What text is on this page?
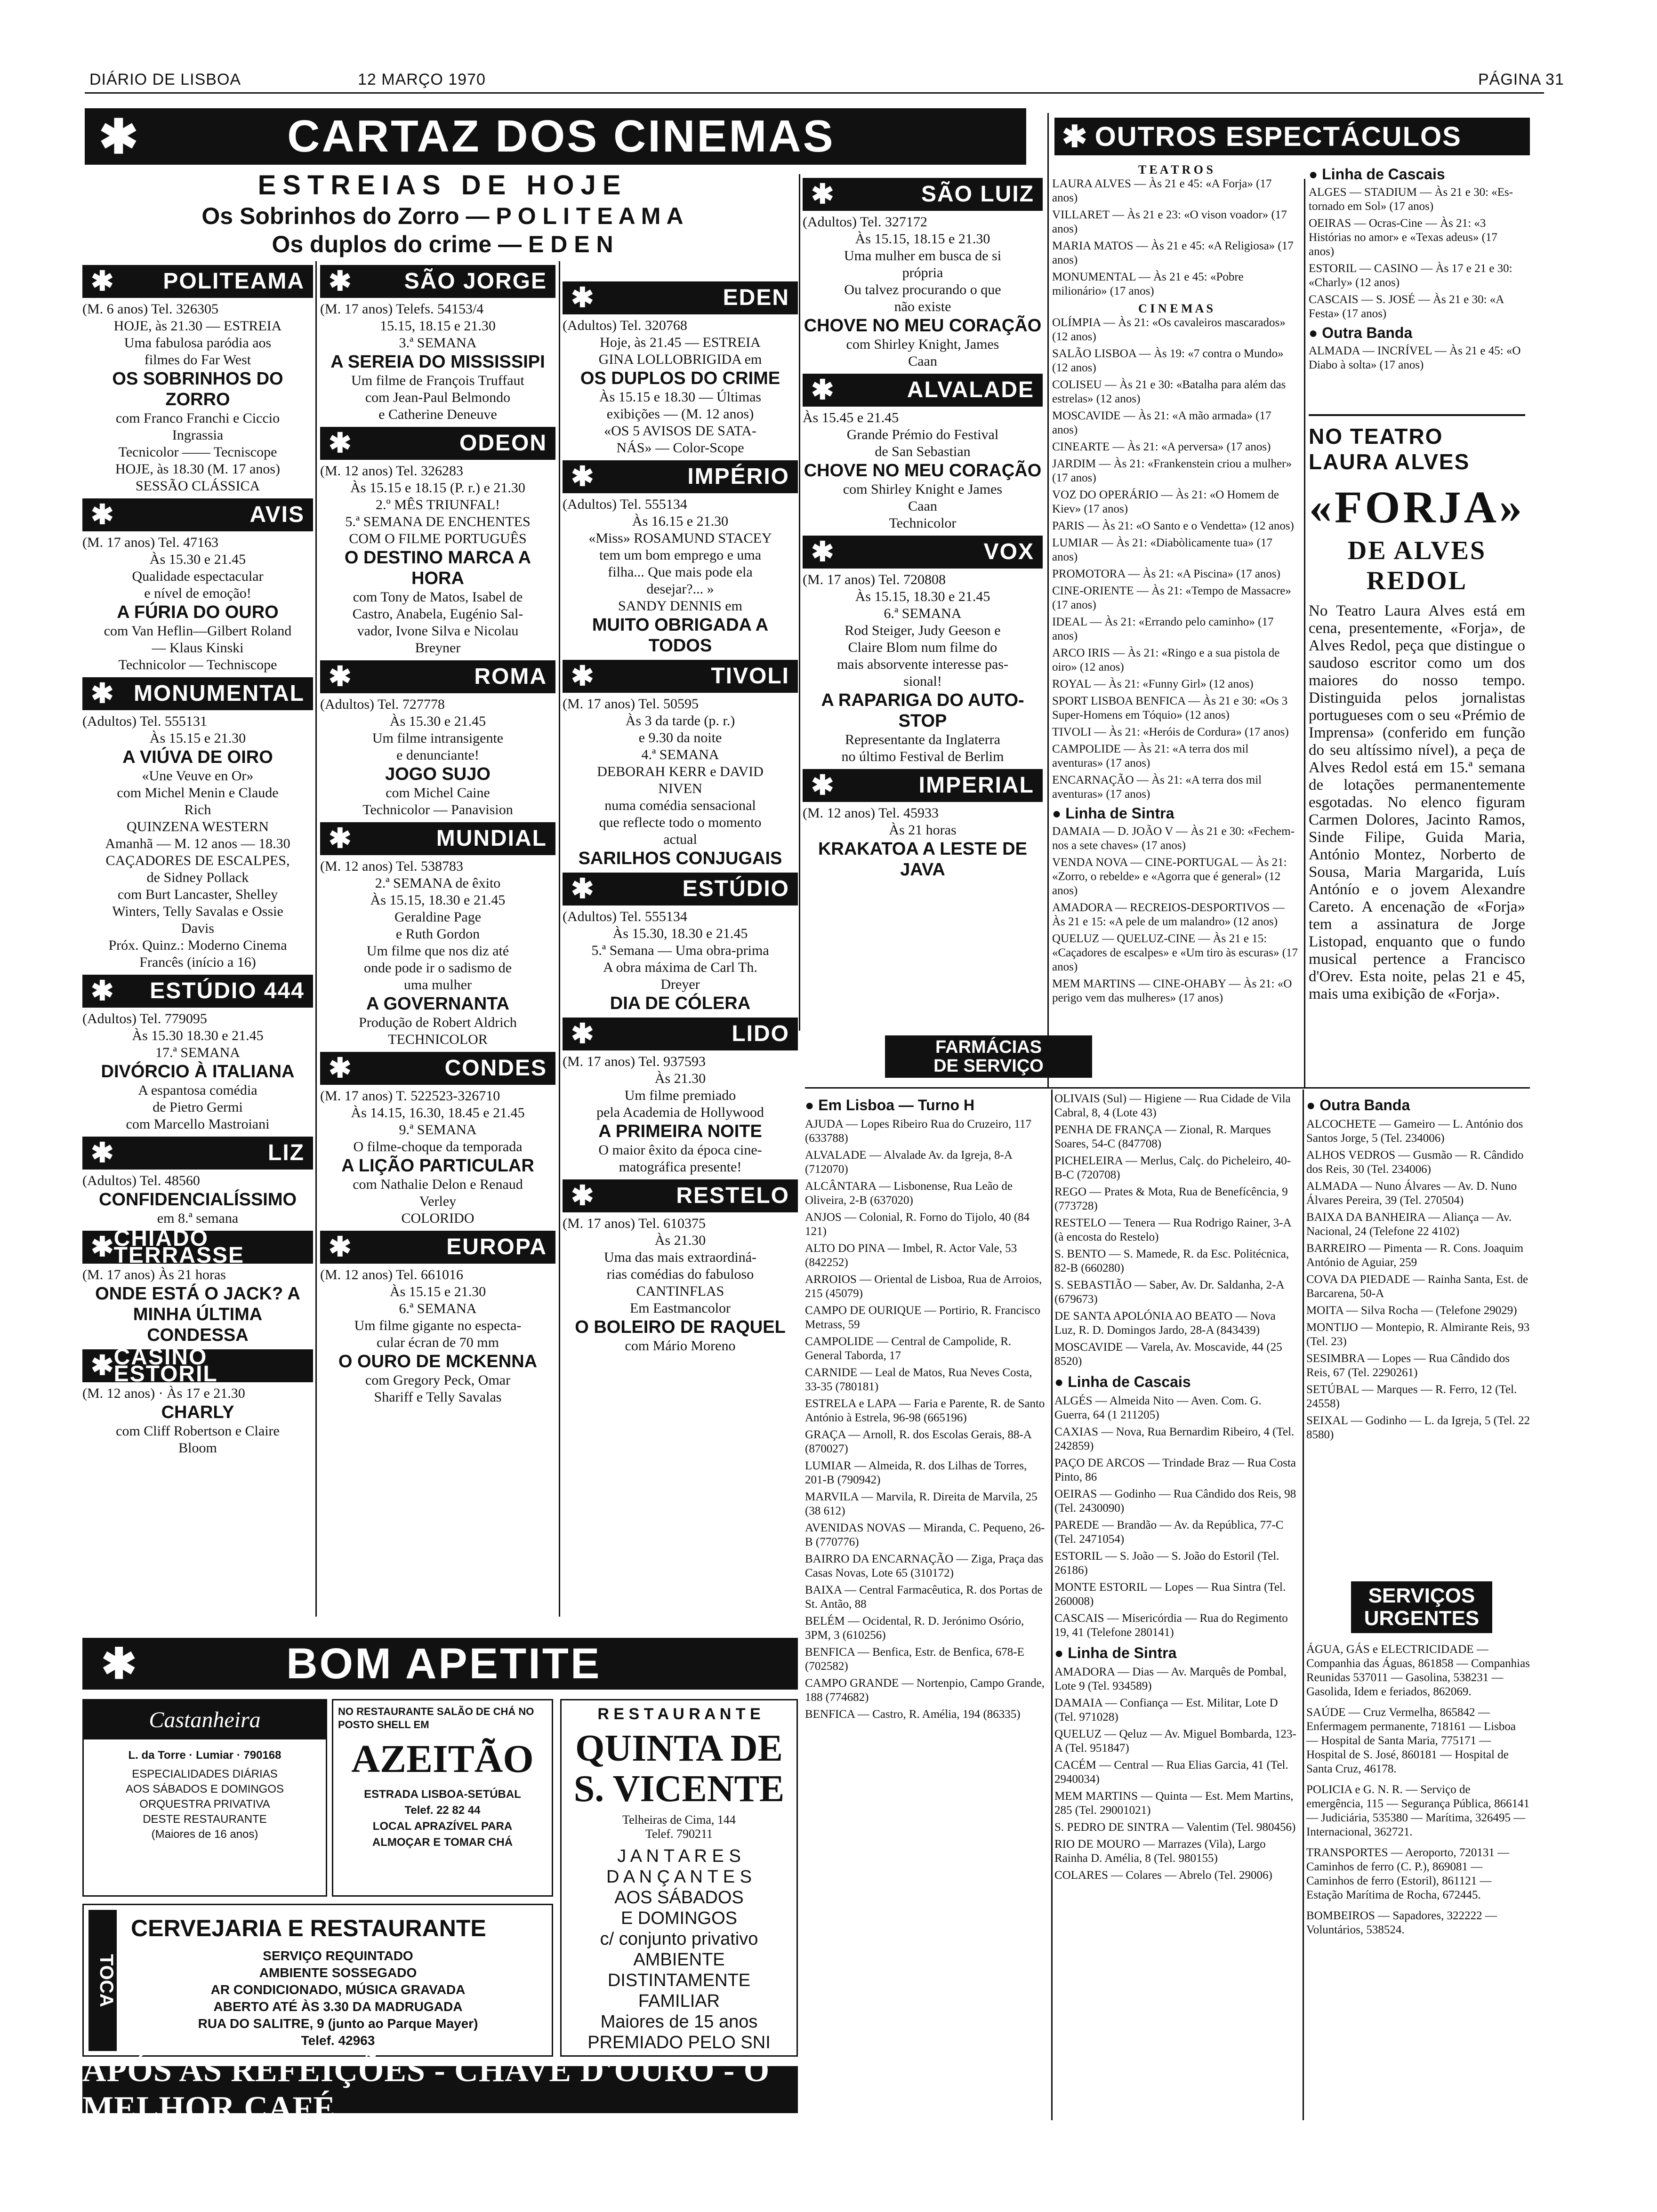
DIÁRIO DE LISBOA	12 MARÇO 1970	PÁGINA 31
✱	CARTAZ DOS CINEMAS
ESTREIAS DE HOJE
Os Sobrinhos do Zorro — P O L I T E A M A
Os duplos do crime — E D E N
✱ POLITEAMA
(M. 6 anos) Tel. 326305
HOJE, às 21.30 — ESTREIA
Uma fabulosa paródia aos
filmes do Far West
OS SOBRINHOS DO ZORRO
com Franco Franchi e Ciccio
Ingrassia
Tecnicolor —— Tecniscope
HOJE, às 18.30 (M. 17 anos)
SESSÃO CLÁSSICA
✱	AVIS
(M. 17 anos) Tel. 47163
Às 15.30 e 21.45
Qualidade espectacular
e nível de emoção!
A FÚRIA DO OURO
com Van Heflin—Gilbert Roland
— Klaus Kinski
Technicolor — Techniscope
✱ MONUMENTAL
(Adultos) Tel. 555131
Às 15.15 e 21.30
A VIÚVA DE OIRO
«Une Veuve en Or»
com Michel Menin e Claude
Rich
QUINZENA WESTERN
Amanhã — M. 12 anos — 18.30
CAÇADORES DE ESCALPES,
de Sidney Pollack
com Burt Lancaster, Shelley
Winters, Telly Savalas e Ossie
Davis
Próx. Quinz.: Moderno Cinema
Francês (início a 16)
✱ ESTÚDIO 444
(Adultos) Tel. 779095
Às 15.30 18.30 e 21.45
17.ª SEMANA
DIVÓRCIO À ITALIANA
A espantosa comédia
de Pietro Germi
com Marcello Mastroiani
✱	LIZ
(Adultos) Tel. 48560
CONFIDENCIALÍSSIMO
em 8.ª semana
✱ CHIADO TERRASSE
(M. 17 anos) Às 21 horas
ONDE ESTÁ O JACK? A MINHA ÚLTIMA CONDESSA
✱ CASINO ESTORIL
(M. 12 anos) · Às 17 e 21.30
CHARLY
com Cliff Robertson e Claire
Bloom
✱ SÃO JORGE
(M. 17 anos) Telefs. 54153/4
15.15, 18.15 e 21.30
3.ª SEMANA
A SEREIA DO MISSISSIPI
Um filme de François Truffaut
com Jean-Paul Belmondo
e Catherine Deneuve
✱	ODEON
(M. 12 anos) Tel. 326283
Às 15.15 e 18.15 (P. r.) e 21.30
2.º MÊS TRIUNFAL!
5.ª SEMANA DE ENCHENTES
COM O FILME PORTUGUÊS
O DESTINO MARCA A HORA
com Tony de Matos, Isabel de
Castro, Anabela, Eugénio Sal-
vador, Ivone Silva e Nicolau
Breyner
✱	ROMA
(Adultos) Tel. 727778
Às 15.30 e 21.45
Um filme intransigente
e denunciante!
JOGO SUJO
com Michel Caine
Technicolor — Panavision
✱	MUNDIAL
(M. 12 anos) Tel. 538783
2.ª SEMANA de êxito
Às 15.15, 18.30 e 21.45
Geraldine Page
e Ruth Gordon
Um filme que nos diz até
onde pode ir o sadismo de
uma mulher
A GOVERNANTA
Produção de Robert Aldrich
TECHNICOLOR
✱	CONDES
(M. 17 anos) T. 522523-326710
Às 14.15, 16.30, 18.45 e 21.45
9.ª SEMANA
O filme-choque da temporada
A LIÇÃO PARTICULAR
com Nathalie Delon e Renaud
Verley
COLORIDO
✱	EUROPA
(M. 12 anos) Tel. 661016
Às 15.15 e 21.30
6.ª SEMANA
Um filme gigante no especta-
cular écran de 70 mm
O OURO DE MCKENNA
com Gregory Peck, Omar
Shariff e Telly Savalas
✱	EDEN
(Adultos) Tel. 320768
Hoje, às 21.45 — ESTREIA
GINA LOLLOBRIGIDA em
OS DUPLOS DO CRIME
Às 15.15 e 18.30 — Últimas
exibições — (M. 12 anos)
«OS 5 AVISOS DE SATA-
NÁS» — Color-Scope
✱	IMPÉRIO
(Adultos) Tel. 555134
Às 16.15 e 21.30
«Miss» ROSAMUND STACEY
tem um bom emprego e uma
filha... Que mais pode ela
desejar?... »
SANDY DENNIS em
MUITO OBRIGADA A TODOS
✱	TIVOLI
(M. 17 anos) Tel. 50595
Às 3 da tarde (p. r.)
e 9.30 da noite
4.ª SEMANA
DEBORAH KERR e DAVID
NIVEN
numa comédia sensacional
que reflecte todo o momento
actual
SARILHOS CONJUGAIS
✱	ESTÚDIO
(Adultos) Tel. 555134
Às 15.30, 18.30 e 21.45
5.ª Semana — Uma obra-prima
A obra máxima de Carl Th.
Dreyer
DIA DE CÓLERA
✱	LIDO
(M. 17 anos) Tel. 937593
Às 21.30
Um filme premiado
pela Academia de Hollywood
A PRIMEIRA NOITE
O maior êxito da época cine-
matográfica presente!
✱	RESTELO
(M. 17 anos) Tel. 610375
Às 21.30
Uma das mais extraordiná-
rias comédias do fabuloso
CANTINFLAS
Em Eastmancolor
O BOLEIRO DE RAQUEL
com Mário Moreno
✱	SÃO LUIZ
(Adultos) Tel. 327172
Às 15.15, 18.15 e 21.30
Uma mulher em busca de si
própria
Ou talvez procurando o que
não existe
CHOVE NO MEU CORAÇÃO
com Shirley Knight, James
Caan
✱	ALVALADE
Às 15.45 e 21.45
Grande Prémio do Festival
de San Sebastian
CHOVE NO MEU CORAÇÃO
com Shirley Knight e James
Caan
Technicolor
✱	VOX
(M. 17 anos) Tel. 720808
Às 15.15, 18.30 e 21.45
6.ª SEMANA
Rod Steiger, Judy Geeson e
Claire Blom num filme do
mais absorvente interesse pas-
sional!
A RAPARIGA DO AUTO-STOP
Representante da Inglaterra
no último Festival de Berlim
✱	IMPERIAL
(M. 12 anos) Tel. 45933
Às 21 horas
KRAKATOA A LESTE DE JAVA
✱ OUTROS ESPECTÁCULOS
T E A T R O S
LAURA ALVES — Às 21 e 45: «A Forja» (17 anos)
VILLARET — Às 21 e 23: «O vison voador» (17 anos)
MARIA MATOS — Às 21 e 45: «A Religiosa» (17 anos)
MONUMENTAL — Às 21 e 45: «Pobre milionário» (17 anos)
C I N E M A S
OLÍMPIA — Às 21: «Os cavaleiros mascarados» (12 anos)
SALÃO LISBOA — Às 19: «7 contra o Mundo» (12 anos)
COLISEU — Às 21 e 30: «Batalha para além das estrelas» (12 anos)
MOSCAVIDE — Às 21: «A mão armada» (17 anos)
CINEARTE — Às 21: «A perversa» (17 anos)
JARDIM — Às 21: «Frankenstein criou a mulher» (17 anos)
VOZ DO OPERÁRIO — Às 21: «O Homem de Kiev» (17 anos)
PARIS — Às 21: «O Santo e o Vendetta» (12 anos)
LUMIAR — Às 21: «Diabòlicamente tua» (17 anos)
PROMOTORA — Às 21: «A Piscina» (17 anos)
CINE-ORIENTE — Às 21: «Tempo de Massacre» (17 anos)
IDEAL — Às 21: «Errando pelo caminho» (17 anos)
ARCO IRIS — Às 21: «Ringo e a sua pistola de oiro» (12 anos)
ROYAL — Às 21: «Funny Girl» (12 anos)
SPORT LISBOA BENFICA — Às 21 e 30: «Os 3 Super-Homens em Tóquio» (12 anos)
TIVOLI — Às 21: «Heróis de Cordura» (17 anos)
CAMPOLIDE — Às 21: «A terra dos mil aventuras» (17 anos)
ENCARNAÇÃO — Às 21: «A terra dos mil aventuras» (17 anos)
● Linha de Sintra
DAMAIA — D. JOÃO V — Às 21 e 30: «Fechem-nos a sete chaves» (17 anos)
VENDA NOVA — CINE-PORTUGAL — Às 21: «Zorro, o rebelde» e «Agorra que é general» (12 anos)
AMADORA — RECREIOS-DESPORTIVOS — Às 21 e 15: «A pele de um malandro» (12 anos)
QUELUZ — QUELUZ-CINE — Às 21 e 15: «Caçadores de escalpes» e «Um tiro às escuras» (17 anos)
MEM MARTINS — CINE-OHABY — Às 21: «O perigo vem das mulheres» (17 anos)
● Linha de Cascais
ALGES — STADIUM — Às 21 e 30: «Es-tornado em Sol» (17 anos)
OEIRAS — Ocras-Cine — Às 21: «3 Histórias no amor» e «Texas adeus» (17 anos)
ESTORIL — CASINO — Às 17 e 21 e 30: «Charly» (12 anos)
CASCAIS — S. JOSÉ — Às 21 e 30: «A Festa» (17 anos)
● Outra Banda
ALMADA — INCRÍVEL — Às 21 e 45: «O Diabo à solta» (17 anos)
NO TEATRO
LAURA ALVES
«FORJA»
DE ALVES REDOL
No Teatro Laura Alves está em cena, presentemente, «Forja», de Alves Redol, peça que distingue o saudoso escritor como um dos maiores do nosso tempo. Distinguida pelos jornalistas portugueses com o seu «Prémio de Imprensa» (conferido em função do seu altíssimo nível), a peça de Alves Redol está em 15.ª semana de lotações permanentemente esgotadas. No elenco figuram Carmen Dolores, Jacinto Ramos, Sinde Filipe, Guida Maria, António Montez, Norberto de Sousa, Maria Margarida, Luís Antónío e o jovem Alexandre Careto. A encenação de «Forja» tem a assinatura de Jorge Listopad, enquanto que o fundo musical pertence a Francisco d'Orev. Esta noite, pelas 21 e 45, mais uma exibição de «Forja».
FARMÁCIAS DE SERVIÇO
● Em Lisboa — Turno H
AJUDA — Lopes Ribeiro Rua do Cruzeiro, 117 (633788)
ALVALADE — Alvalade Av. da Igreja, 8-A (712070)
ALCÂNTARA — Lisbonense, Rua Leão de Oliveira, 2-B (637020)
ANJOS — Colonial, R. Forno do Tijolo, 40 (84 121)
ALTO DO PINA — Imbel, R. Actor Vale, 53 (842252)
ARROIOS — Oriental de Lisboa, Rua de Arroios, 215 (45079)
CAMPO DE OURIQUE — Portirio, R. Francisco Metrass, 59
CAMPOLIDE — Central de Campolide, R. General Taborda, 17
CARNIDE — Leal de Matos, Rua Neves Costa, 33-35 (780181)
ESTRELA e LAPA — Faria e Parente, R. de Santo António à Estrela, 96-98 (665196)
GRAÇA — Arnoll, R. dos Escolas Gerais, 88-A (870027)
LUMIAR — Almeida, R. dos Lilhas de Torres, 201-B (790942)
MARVILA — Marvila, R. Direita de Marvila, 25 (38 612)
AVENIDAS NOVAS — Miranda, C. Pequeno, 26-B (770776)
BAIRRO DA ENCARNAÇÃO — Ziga, Praça das Casas Novas, Lote 65 (310172)
BAIXA — Central Farmacêutica, R. dos Portas de St. Antão, 88
BELÉM — Ocidental, R. D. Jerónimo Osório, 3PM, 3 (610256)
BENFICA — Benfica, Estr. de Benfica, 678-E (702582)
CAMPO GRANDE — Nortenpio, Campo Grande, 188 (774682)
BENFICA — Castro, R. Amélia, 194 (86335)
OLIVAIS (Sul) — Higiene — Rua Cidade de Vila Cabral, 8, 4 (Lote 43)
PENHA DE FRANÇA — Zional, R. Marques Soares, 54-C (847708)
PICHELEIRA — Merlus, Calç. do Picheleiro, 40-B-C (720708)
REGO — Prates & Mota, Rua de Benefícência, 9 (773728)
RESTELO — Tenera — Rua Rodrigo Rainer, 3-A (à encosta do Restelo)
S. BENTO — S. Mamede, R. da Esc. Politécnica, 82-B (660280)
S. SEBASTIÃO — Saber, Av. Dr. Saldanha, 2-A (679673)
DE SANTA APOLÓNIA AO BEATO — Nova Luz, R. D. Domingos Jardo, 28-A (843439)
MOSCAVIDE — Varela, Av. Moscavide, 44 (25 8520)
● Linha de Cascais
ALGÉS — Almeida Nito — Aven. Com. G. Guerra, 64 (1 211205)
CAXIAS — Nova, Rua Bernardim Ribeiro, 4 (Tel. 242859)
PAÇO DE ARCOS — Trindade Braz — Rua Costa Pinto, 86
OEIRAS — Godinho — Rua Cândido dos Reis, 98 (Tel. 2430090)
PAREDE — Brandão — Av. da República, 77-C (Tel. 2471054)
ESTORIL — S. João — S. João do Estoril (Tel. 26186)
MONTE ESTORIL — Lopes — Rua Sintra (Tel. 260008)
CASCAIS — Misericórdia — Rua do Regimento 19, 41 (Telefone 280141)
● Linha de Sintra
AMADORA — Dias — Av. Marquês de Pombal, Lote 9 (Tel. 934589)
DAMAIA — Confiança — Est. Militar, Lote D (Tel. 971028)
QUELUZ — Qeluz — Av. Miguel Bombarda, 123-A (Tel. 951847)
CACÉM — Central — Rua Elias Garcia, 41 (Tel. 2940034)
MEM MARTINS — Quinta — Est. Mem Martins, 285 (Tel. 29001021)
S. PEDRO DE SINTRA — Valentim (Tel. 980456)
RIO DE MOURO — Marrazes (Vila), Largo Rainha D. Amélia, 8 (Tel. 980155)
COLARES — Colares — Abrelo (Tel. 29006)
● Outra Banda
ALCOCHETE — Gameiro — L. António dos Santos Jorge, 5 (Tel. 234006)
ALHOS VEDROS — Gusmão — R. Cândido dos Reis, 30 (Tel. 234006)
ALMADA — Nuno Álvares — Av. D. Nuno Álvares Pereira, 39 (Tel. 270504)
BAIXA DA BANHEIRA — Aliança — Av. Nacional, 24 (Telefone 22 4102)
BARREIRO — Pimenta — R. Cons. Joaquim António de Aguiar, 259
COVA DA PIEDADE — Rainha Santa, Est. de Barcarena, 50-A
MOITA — Silva Rocha — (Telefone 29029)
MONTIJO — Montepio, R. Almirante Reis, 93 (Tel. 23)
SESIMBRA — Lopes — Rua Cândido dos Reis, 67 (Tel. 2290261)
SETÚBAL — Marques — R. Ferro, 12 (Tel. 24558)
SEIXAL — Godinho — L. da Igreja, 5 (Tel. 22 8580)
✱	BOM APETITE
Castanheira
L. da Torre · Lumiar · 790168
ESPECIALIDADES DIÁRIAS
AOS SÁBADOS E DOMINGOS
ORQUESTRA PRIVATIVA
DESTE RESTAURANTE
(Maiores de 16 anos)
NO RESTAURANTE SALÃO DE CHÁ NO POSTO SHELL EM
AZEITÃO
ESTRADA LISBOA-SETÚBAL
Telef. 22 82 44
LOCAL APRAZÍVEL PARA
ALMOÇAR E TOMAR CHÁ
R E S T A U R A N T E
QUINTA DE
S. VICENTE
Telheiras de Cima, 144
Telef. 790211
J A N T A R E S
D A N Ç A N T E S
AOS SÁBADOS
E DOMINGOS
c/ conjunto privativo
AMBIENTE
DISTINTAMENTE
FAMILIAR
Maiores de 15 anos
PREMIADO PELO SNI
TOCA
CERVEJARIA E RESTAURANTE
SERVIÇO REQUINTADO
AMBIENTE SOSSEGADO
AR CONDICIONADO, MÚSICA GRAVADA
ABERTO ATÉ ÀS 3.30 DA MADRUGADA
RUA DO SALITRE, 9 (junto ao Parque Mayer)
Telef. 42963
APÓS AS REFEIÇÕES - CHAVE D'OURO - O MELHOR CAFÉ
SERVIÇOS URGENTES
ÁGUA, GÁS e ELECTRICIDADE — Companhia das Águas, 861858 — Companhias Reunidas 537011 — Gasolina, 538231 — Gasolida, Idem e feriados, 862069.
SAÚDE — Cruz Vermelha, 865842 — Enfermagem permanente, 718161 — Lisboa — Hospital de Santa Maria, 775171 — Hospital de S. José, 860181 — Hospital de Santa Cruz, 46178.
POLICIA e G. N. R. — Serviço de emergência, 115 — Segurança Pública, 866141 — Judiciária, 535380 — Marítima, 326495 — Internacional, 362721.
TRANSPORTES — Aeroporto, 720131 — Caminhos de ferro (C. P.), 869081 — Caminhos de ferro (Estoril), 861121 — Estação Marítima de Rocha, 672445.
BOMBEIROS — Sapadores, 322222 — Voluntários, 538524.
